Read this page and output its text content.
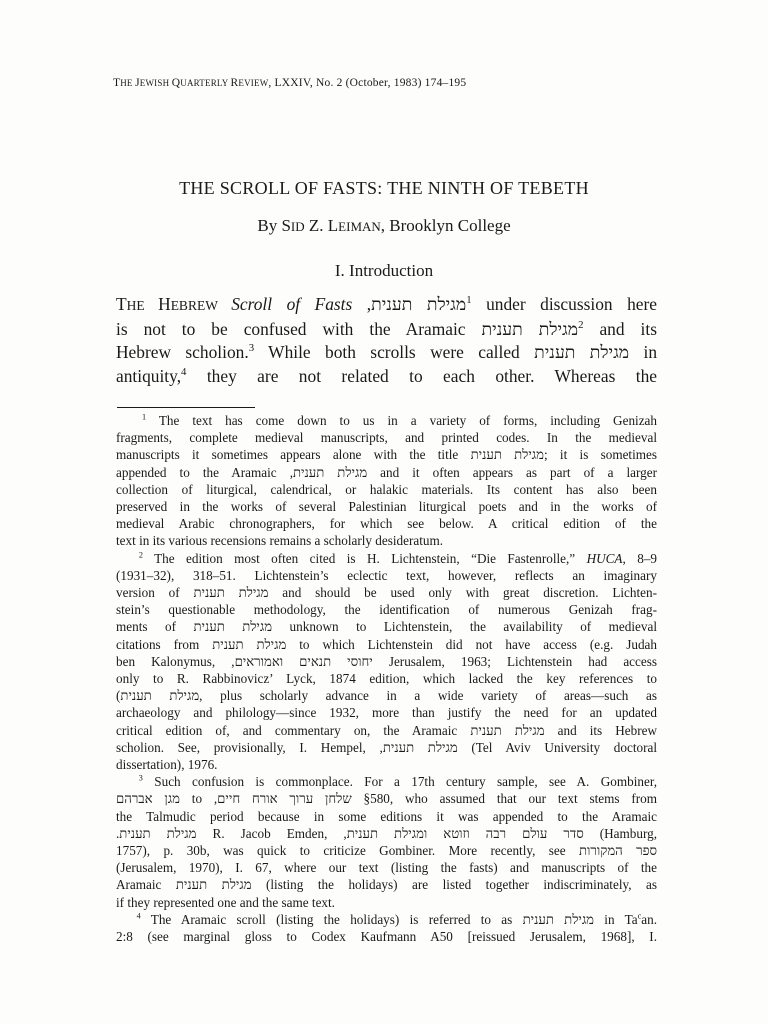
THE JEWISH QUARTERLY REVIEW, LXXIV, No. 2 (October, 1983) 174–195
THE SCROLL OF FASTS: THE NINTH OF TEBETH
By SID Z. LEIMAN, Brooklyn College
I. Introduction
THE HEBREW Scroll of Fasts ,מגילת תענית$^1$ under discussion here
is not to be confused with the Aramaic מגילת תענית$^2$ and its
Hebrew scholion.$^3$ While both scrolls were called מגילת תענית in
antiquity,$^4$ they are not related to each other. Whereas the
$^1$ The text has come down to us in a variety of forms, including Genizah
fragments, complete medieval manuscripts, and printed codes. In the medieval
manuscripts it sometimes appears alone with the title מגילת תענית; it is sometimes
appended to the Aramaic ,מגילת תענית and it often appears as part of a larger
collection of liturgical, calendrical, or halakic materials. Its content has also been
preserved in the works of several Palestinian liturgical poets and in the works of
medieval Arabic chronographers, for which see below. A critical edition of the
text in its various recensions remains a scholarly desideratum.
$^2$ The edition most often cited is H. Lichtenstein, “Die Fastenrolle,” HUCA, 8–9
(1931–32), 318–51. Lichtenstein’s eclectic text, however, reflects an imaginary
version of מגילת תענית and should be used only with great discretion. Lichten-
stein’s questionable methodology, the identification of numerous Genizah frag-
ments of מגילת תענית unknown to Lichtenstein, the availability of medieval
citations from מגילת תענית to which Lichtenstein did not have access (e.g. Judah
ben Kalonymus, ,יחוסי תנאים ואמוראים Jerusalem, 1963; Lichtenstein had access
only to R. Rabbinovicz’ Lyck, 1874 edition, which lacked the key references to
(מגילת תענית, plus scholarly advance in a wide variety of areas—such as
archaeology and philology—since 1932, more than justify the need for an updated
critical edition of, and commentary on, the Aramaic מגילת תענית and its Hebrew
scholion. See, provisionally, I. Hempel, ,מגילת תענית (Tel Aviv University doctoral
dissertation), 1976.
$^3$ Such confusion is commonplace. For a 17th century sample, see A. Gombiner,
מגן אברהם to ,שלחן ערוך אורח חיים §580, who assumed that our text stems from
the Talmudic period because in some editions it was appended to the Aramaic
.מגילת תענית R. Jacob Emden, ,סדר עולם רבה וזוטא ומגילת תענית (Hamburg,
1757), p. 30b, was quick to criticize Gombiner. More recently, see ספר המקורות
(Jerusalem, 1970), I. 67, where our text (listing the fasts) and manuscripts of the
Aramaic מגילת תענית (listing the holidays) are listed together indiscriminately, as
if they represented one and the same text.
$^4$ The Aramaic scroll (listing the holidays) is referred to as מגילת תענית in Ta$^c$an.
2:8 (see marginal gloss to Codex Kaufmann A50 [reissued Jerusalem, 1968], I.
